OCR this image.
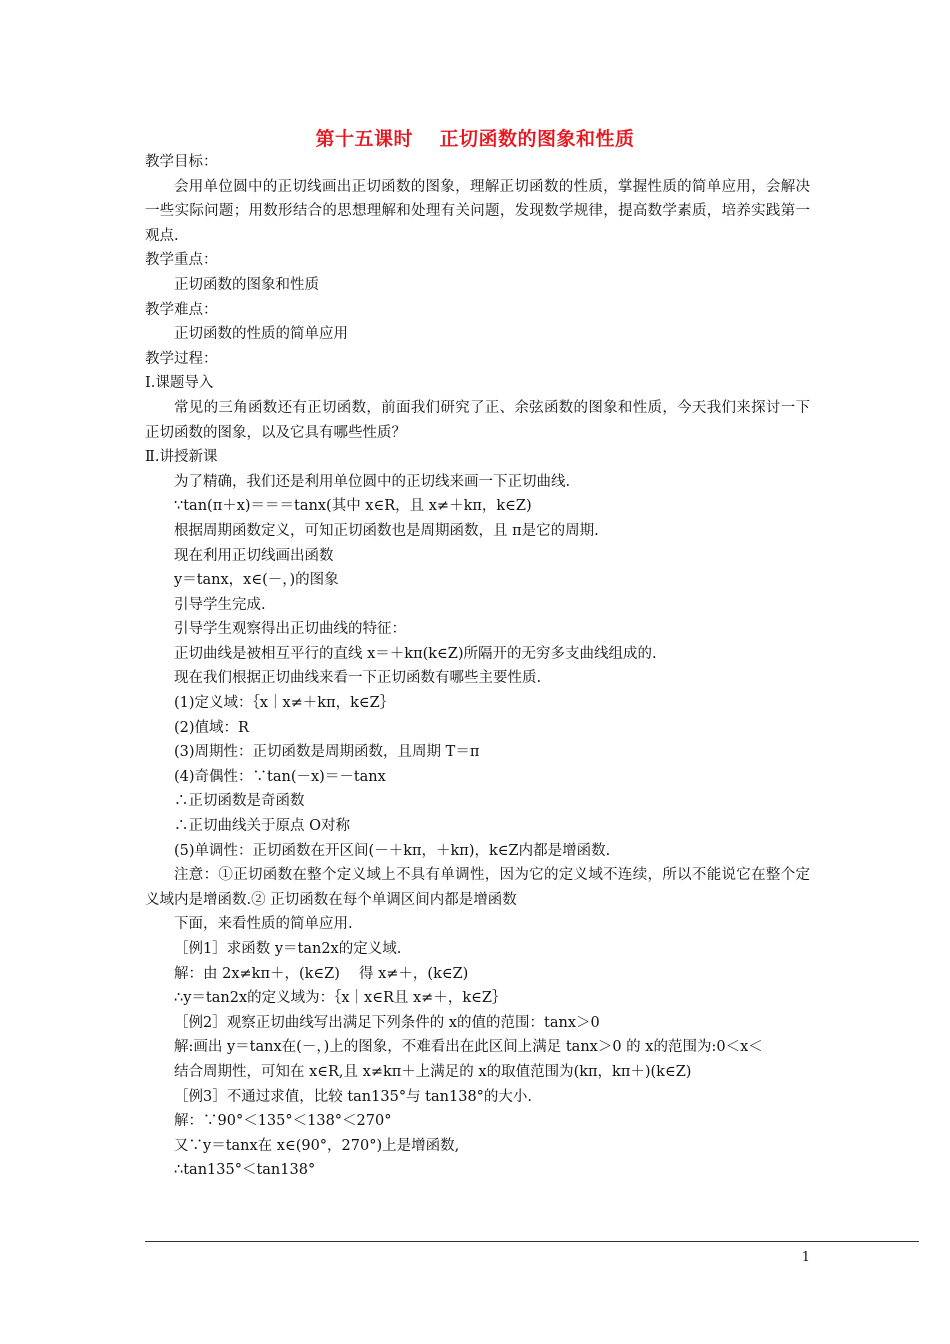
第十五课时　 正切函数的图象和性质
教学目标：
会用单位圆中的正切线画出正切函数的图象，理解正切函数的性质，掌握性质的简单应用，会解决一些实际问题；用数形结合的思想理解和处理有关问题，发现数学规律，提高数学素质，培养实践第一观点.
教学重点：
正切函数的图象和性质
教学难点：
正切函数的性质的简单应用
教学过程：
Ⅰ.课题导入
常见的三角函数还有正切函数，前面我们研究了正、余弦函数的图象和性质，今天我们来探讨一下正切函数的图象，以及它具有哪些性质？
Ⅱ.讲授新课
为了精确，我们还是利用单位圆中的正切线来画一下正切曲线.
∵tan(π＋x)＝＝＝tanx(其中 x∈R，且 x≠＋kπ，k∈Z)
根据周期函数定义，可知正切函数也是周期函数，且 π是它的周期.
现在利用正切线画出函数
y＝tanx，x∈(－，)的图象
引导学生完成.
引导学生观察得出正切曲线的特征：
正切曲线是被相互平行的直线 x＝＋kπ(k∈Z)所隔开的无穷多支曲线组成的.
现在我们根据正切曲线来看一下正切函数有哪些主要性质.
(1)定义域：｛x｜x≠＋kπ，k∈Z｝
(2)值域：R
(3)周期性：正切函数是周期函数，且周期 T＝π
(4)奇偶性：∵tan(－x)＝－tanx
∴正切函数是奇函数
∴正切曲线关于原点 O对称
(5)单调性：正切函数在开区间(－＋kπ，＋kπ)，k∈Z内都是增函数.
注意：①正切函数在整个定义域上不具有单调性，因为它的定义域不连续，所以不能说它在整个定义域内是增函数.② 正切函数在每个单调区间内都是增函数
下面，来看性质的简单应用.
［例1］求函数 y＝tan2x的定义域.
解：由 2x≠kπ＋，(k∈Z)　 得 x≠＋，(k∈Z)
∴y＝tan2x的定义域为：｛x｜x∈R且 x≠＋，k∈Z｝
［例2］观察正切曲线写出满足下列条件的 x的值的范围：tanx＞0
解:画出 y＝tanx在(－，)上的图象，不难看出在此区间上满足 tanx＞0 的 x的范围为:0＜x＜
结合周期性，可知在 x∈R,且 x≠kπ＋上满足的 x的取值范围为(kπ，kπ＋)(k∈Z)
［例3］不通过求值，比较 tan135°与 tan138°的大小.
解：∵90°＜135°＜138°＜270°
又∵y＝tanx在 x∈(90°，270°)上是增函数,
∴tan135°＜tan138°
1
